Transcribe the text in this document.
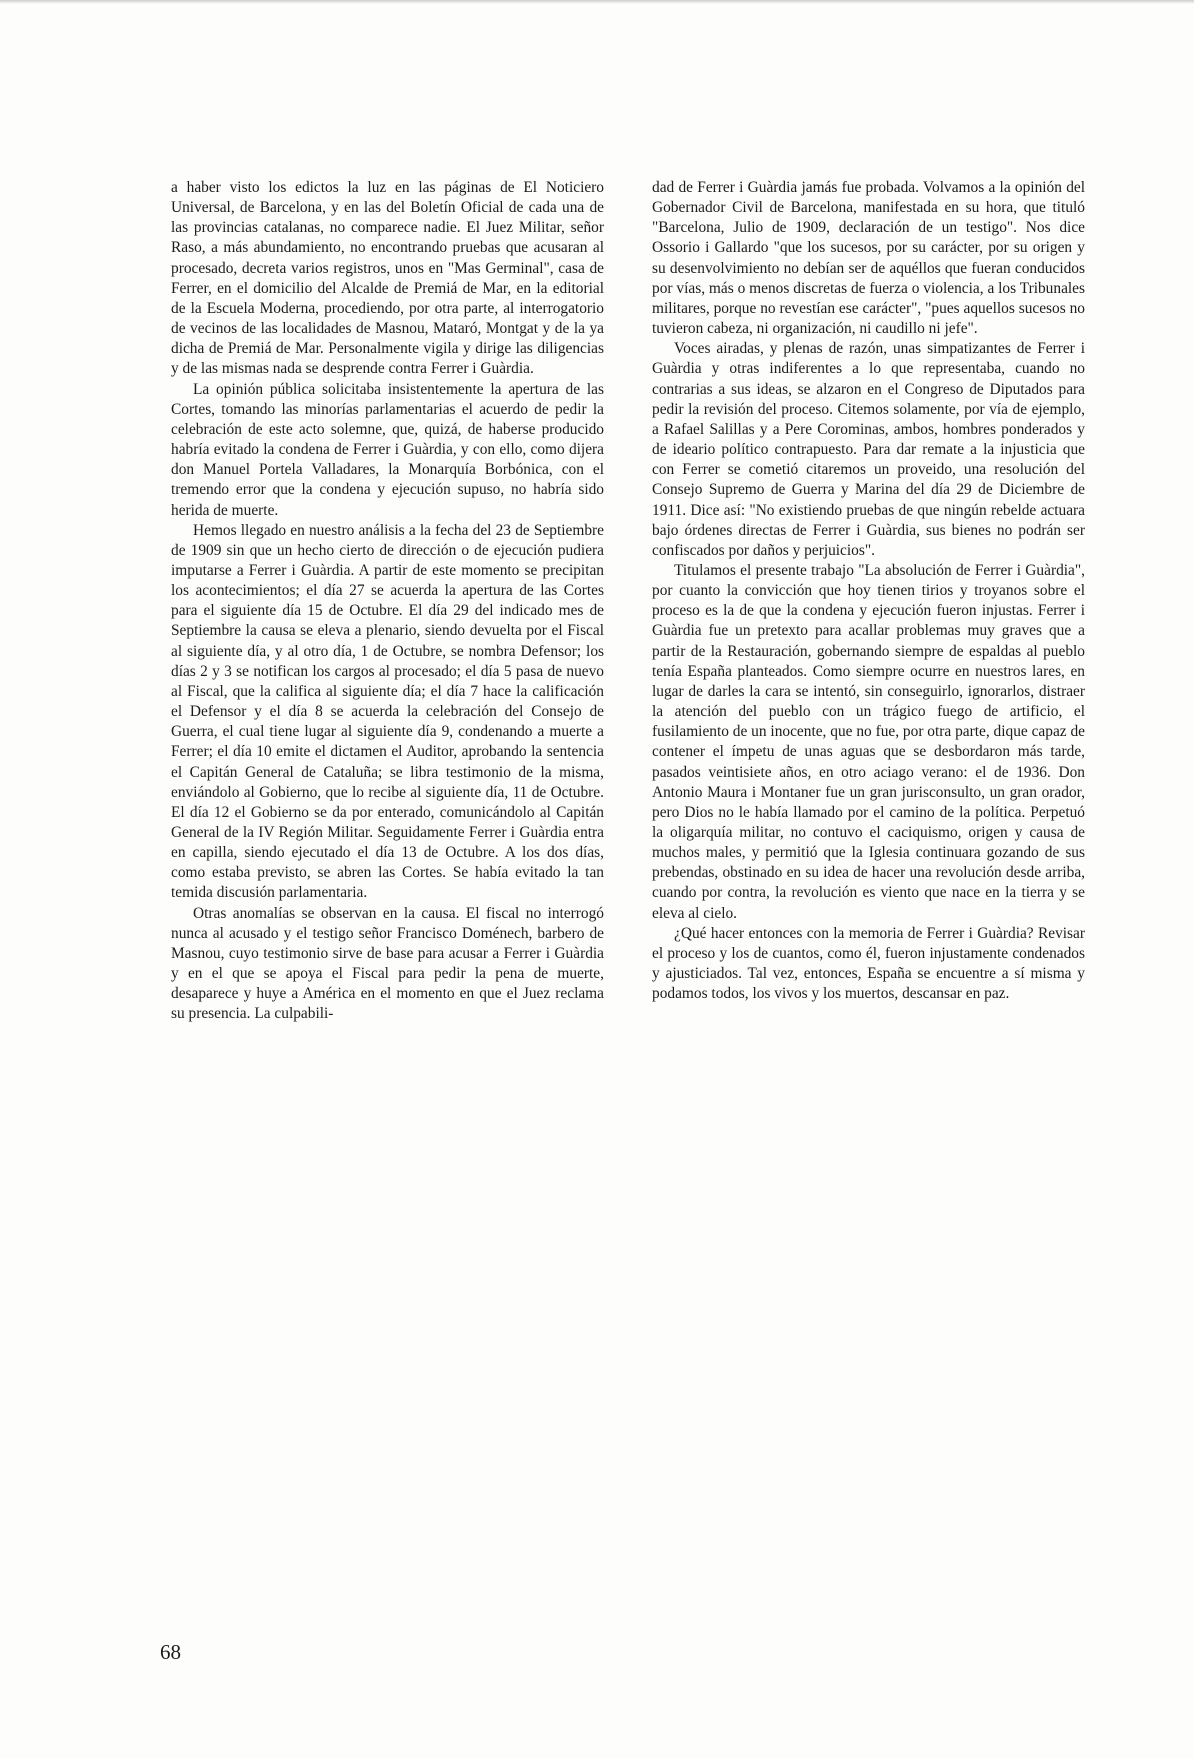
a haber visto los edictos la luz en las páginas de El Noticiero Universal, de Barcelona, y en las del Boletín Oficial de cada una de las provincias catalanas, no comparece nadie. El Juez Militar, señor Raso, a más abundamiento, no encontrando pruebas que acusaran al procesado, decreta varios registros, unos en "Mas Germinal", casa de Ferrer, en el domicilio del Alcalde de Premiá de Mar, en la editorial de la Escuela Moderna, procediendo, por otra parte, al interrogatorio de vecinos de las localidades de Masnou, Mataró, Montgat y de la ya dicha de Premiá de Mar. Personalmente vigila y dirige las diligencias y de las mismas nada se desprende contra Ferrer i Guàrdia.

La opinión pública solicitaba insistentemente la apertura de las Cortes, tomando las minorías parlamentarias el acuerdo de pedir la celebración de este acto solemne, que, quizá, de haberse producido habría evitado la condena de Ferrer i Guàrdia, y con ello, como dijera don Manuel Portela Valladares, la Monarquía Borbónica, con el tremendo error que la condena y ejecución supuso, no habría sido herida de muerte.

Hemos llegado en nuestro análisis a la fecha del 23 de Septiembre de 1909 sin que un hecho cierto de dirección o de ejecución pudiera imputarse a Ferrer i Guàrdia. A partir de este momento se precipitan los acontecimientos; el día 27 se acuerda la apertura de las Cortes para el siguiente día 15 de Octubre. El día 29 del indicado mes de Septiembre la causa se eleva a plenario, siendo devuelta por el Fiscal al siguiente día, y al otro día, 1 de Octubre, se nombra Defensor; los días 2 y 3 se notifican los cargos al procesado; el día 5 pasa de nuevo al Fiscal, que la califica al siguiente día; el día 7 hace la calificación el Defensor y el día 8 se acuerda la celebración del Consejo de Guerra, el cual tiene lugar al siguiente día 9, condenando a muerte a Ferrer; el día 10 emite el dictamen el Auditor, aprobando la sentencia el Capitán General de Cataluña; se libra testimonio de la misma, enviándolo al Gobierno, que lo recibe al siguiente día, 11 de Octubre. El día 12 el Gobierno se da por enterado, comunicándolo al Capitán General de la IV Región Militar. Seguidamente Ferrer i Guàrdia entra en capilla, siendo ejecutado el día 13 de Octubre. A los dos días, como estaba previsto, se abren las Cortes. Se había evitado la tan temida discusión parlamentaria.

Otras anomalías se observan en la causa. El fiscal no interrogó nunca al acusado y el testigo señor Francisco Doménech, barbero de Masnou, cuyo testimonio sirve de base para acusar a Ferrer i Guàrdia y en el que se apoya el Fiscal para pedir la pena de muerte, desaparece y huye a América en el momento en que el Juez reclama su presencia. La culpabili-

dad de Ferrer i Guàrdia jamás fue probada. Volvamos a la opinión del Gobernador Civil de Barcelona, manifestada en su hora, que tituló "Barcelona, Julio de 1909, declaración de un testigo". Nos dice Ossorio i Gallardo "que los sucesos, por su carácter, por su origen y su desenvolvimiento no debían ser de aquéllos que fueran conducidos por vías, más o menos discretas de fuerza o violencia, a los Tribunales militares, porque no revestían ese carácter", "pues aquellos sucesos no tuvieron cabeza, ni organización, ni caudillo ni jefe".

Voces airadas, y plenas de razón, unas simpatizantes de Ferrer i Guàrdia y otras indiferentes a lo que representaba, cuando no contrarias a sus ideas, se alzaron en el Congreso de Diputados para pedir la revisión del proceso. Citemos solamente, por vía de ejemplo, a Rafael Salillas y a Pere Corominas, ambos, hombres ponderados y de ideario político contrapuesto. Para dar remate a la injusticia que con Ferrer se cometió citaremos un proveido, una resolución del Consejo Supremo de Guerra y Marina del día 29 de Diciembre de 1911. Dice así: "No existiendo pruebas de que ningún rebelde actuara bajo órdenes directas de Ferrer i Guàrdia, sus bienes no podrán ser confiscados por daños y perjuicios".

Titulamos el presente trabajo "La absolución de Ferrer i Guàrdia", por cuanto la convicción que hoy tienen tirios y troyanos sobre el proceso es la de que la condena y ejecución fueron injustas. Ferrer i Guàrdia fue un pretexto para acallar problemas muy graves que a partir de la Restauración, gobernando siempre de espaldas al pueblo tenía España planteados. Como siempre ocurre en nuestros lares, en lugar de darles la cara se intentó, sin conseguirlo, ignorarlos, distraer la atención del pueblo con un trágico fuego de artificio, el fusilamiento de un inocente, que no fue, por otra parte, dique capaz de contener el ímpetu de unas aguas que se desbordaron más tarde, pasados veintisiete años, en otro aciago verano: el de 1936. Don Antonio Maura i Montaner fue un gran jurisconsulto, un gran orador, pero Dios no le había llamado por el camino de la política. Perpetuó la oligarquía militar, no contuvo el caciquismo, origen y causa de muchos males, y permitió que la Iglesia continuara gozando de sus prebendas, obstinado en su idea de hacer una revolución desde arriba, cuando por contra, la revolución es viento que nace en la tierra y se eleva al cielo.

¿Qué hacer entonces con la memoria de Ferrer i Guàrdia? Revisar el proceso y los de cuantos, como él, fueron injustamente condenados y ajusticiados. Tal vez, entonces, España se encuentre a sí misma y podamos todos, los vivos y los muertos, descansar en paz.

68
